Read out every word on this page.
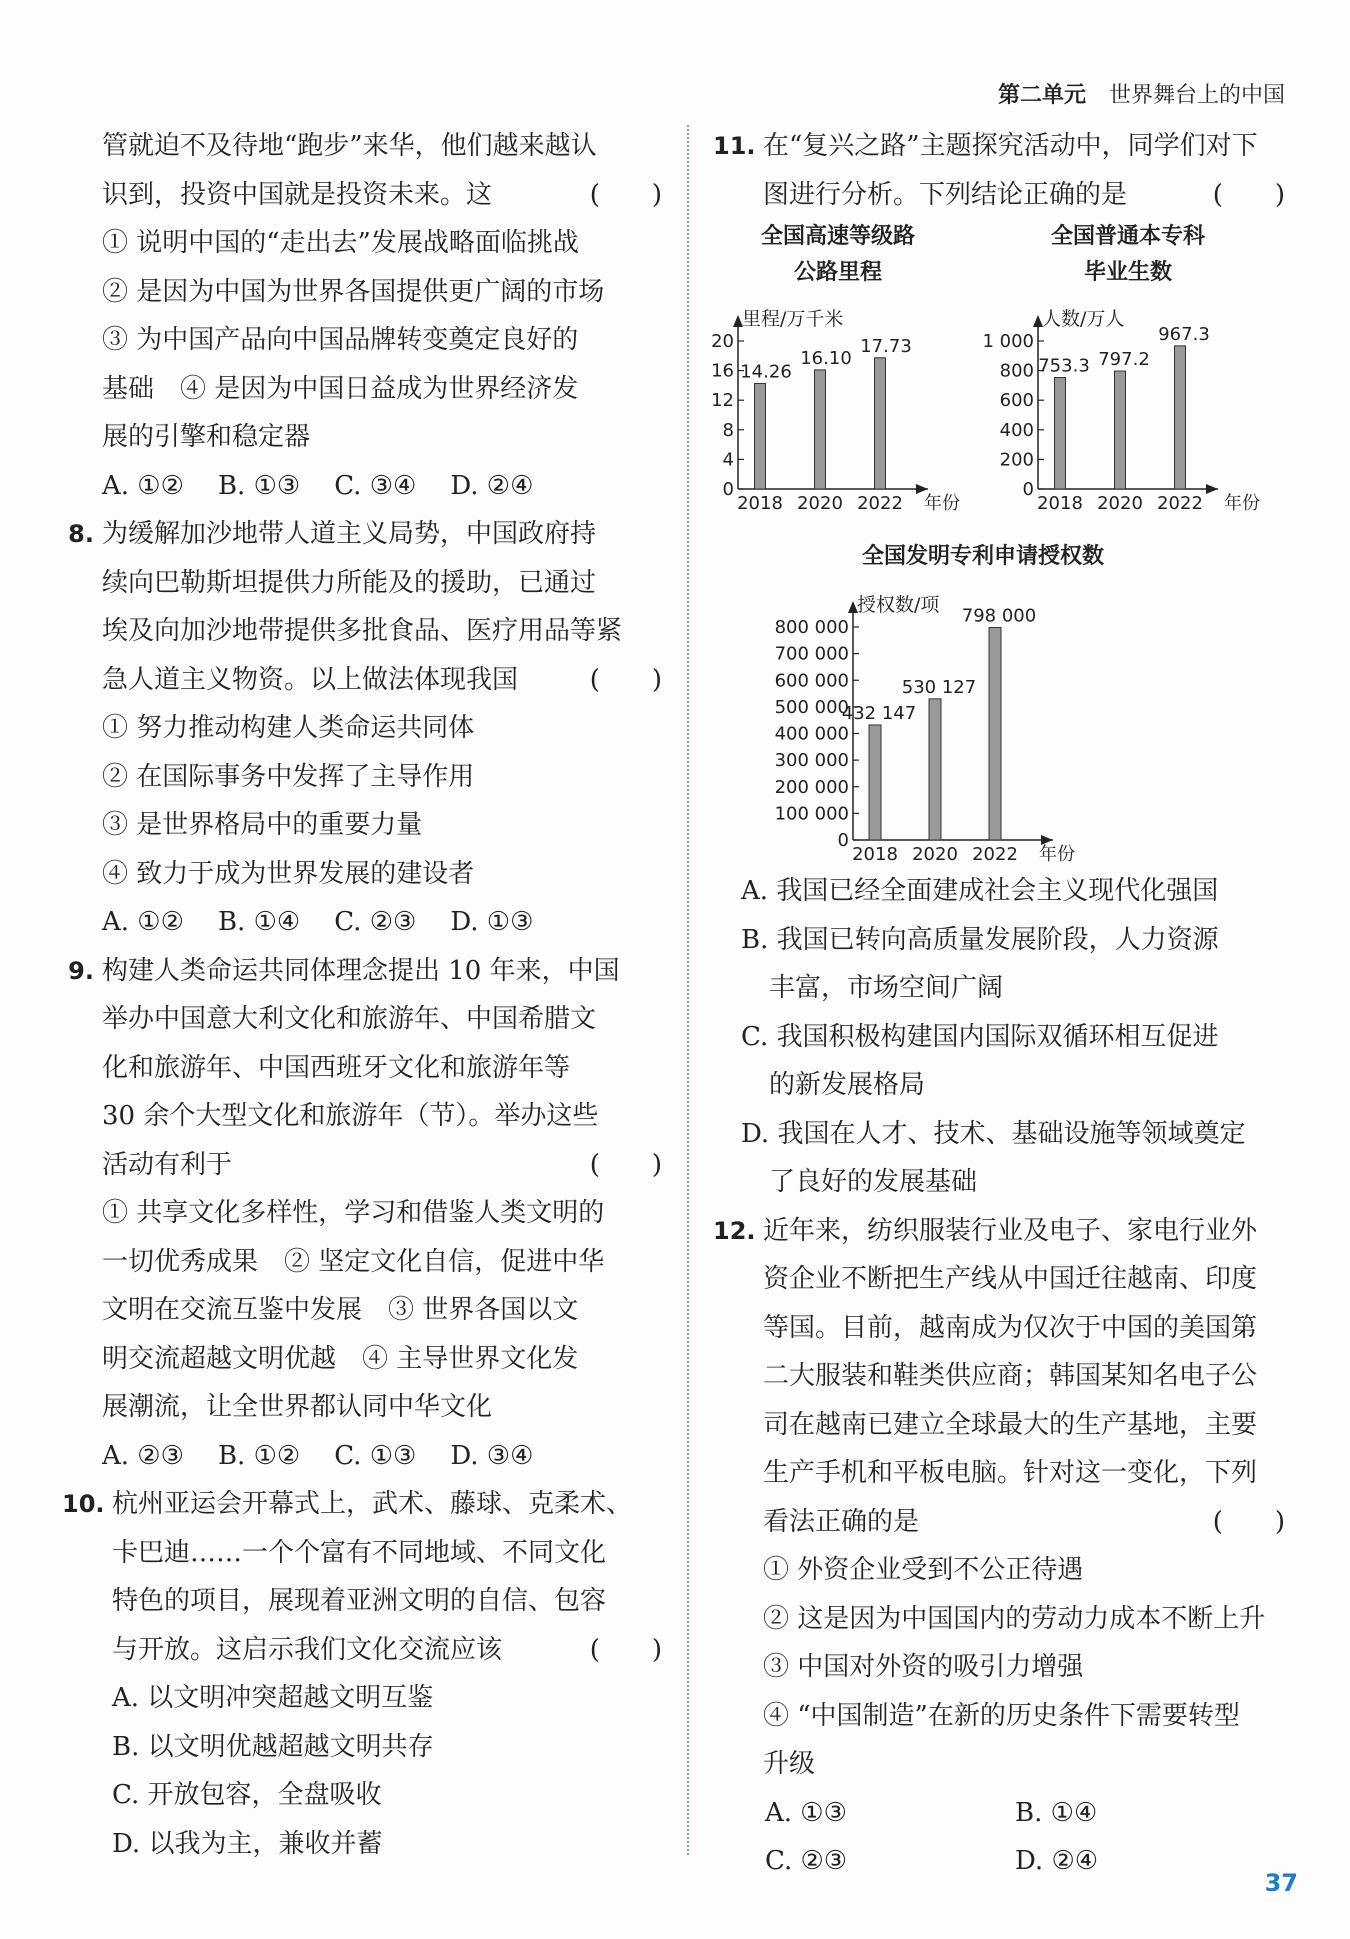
第二单元 世界舞台上的中国

管就迫不及待地“跑步”来华，他们越来越认

识到，投资中国就是投资未来。这	(　　)

① 说明中国的“走出去”发展战略面临挑战

② 是因为中国为世界各国提供更广阔的市场

③ 为中国产品向中国品牌转变奠定良好的

基础　④ 是因为中国日益成为世界经济发

展的引擎和稳定器

A. ①② B. ①③ C. ③④ D. ②④
8. 为缓解加沙地带人道主义局势，中国政府持
续向巴勒斯坦提供力所能及的援助，已通过
埃及向加沙地带提供多批食品、医疗用品等紧
急人道主义物资。以上做法体现我国	(　　)
① 努力推动构建人类命运共同体
② 在国际事务中发挥了主导作用
③ 是世界格局中的重要力量
④ 致力于成为世界发展的建设者
A. ①② B. ①④ C. ②③ D. ①③
9. 构建人类命运共同体理念提出 10 年来，中国
举办中国意大利文化和旅游年、中国希腊文
化和旅游年、中国西班牙文化和旅游年等
30 余个大型文化和旅游年（节）。举办这些
活动有利于	(　　)
① 共享文化多样性，学习和借鉴人类文明的
一切优秀成果　② 坚定文化自信，促进中华
文明在交流互鉴中发展　③ 世界各国以文
明交流超越文明优越　④ 主导世界文化发
展潮流，让全世界都认同中华文化
A. ②③ B. ①② C. ①③ D. ③④
10. 杭州亚运会开幕式上，武术、藤球、克柔术、
卡巴迪……一个个富有不同地域、不同文化
特色的项目，展现着亚洲文明的自信、包容
与开放。这启示我们文化交流应该	(　　)
A. 以文明冲突超越文明互鉴
B. 以文明优越超越文明共存
C. 开放包容，全盘吸收
D. 以我为主，兼收并蓄
11. 在“复兴之路”主题探究活动中，同学们对下
图进行分析。下列结论正确的是	(　　)
全国高速等级路
公路里程
里程/万千米
0
4
8
12
16
20
14.26
2018
16.10
2020
17.73
2022 年份
全国普通本专科
毕业生数
人数/万人
0
200
400
600
800
1 000
753.3
2018
797.2
2020
967.3
2022 年份
全国发明专利申请授权数
授权数/项
0
100 000
200 000
300 000
400 000
500 000
600 000
700 000
800 000
432 147
2018
530 127
2020
798 000
2022 年份
A. 我国已经全面建成社会主义现代化强国
B. 我国已转向高质量发展阶段，人力资源
丰富，市场空间广阔
C. 我国积极构建国内国际双循环相互促进
的新发展格局
D. 我国在人才、技术、基础设施等领域奠定
了良好的发展基础
12. 近年来，纺织服装行业及电子、家电行业外
资企业不断把生产线从中国迁往越南、印度
等国。目前，越南成为仅次于中国的美国第
二大服装和鞋类供应商；韩国某知名电子公
司在越南已建立全球最大的生产基地，主要
生产手机和平板电脑。针对这一变化，下列
看法正确的是	(　　)
① 外资企业受到不公正待遇
② 这是因为中国国内的劳动力成本不断上升
③ 中国对外资的吸引力增强
④ “中国制造”在新的历史条件下需要转型
升级
A. ①③	B. ①④
C. ②③	D. ②④
37
